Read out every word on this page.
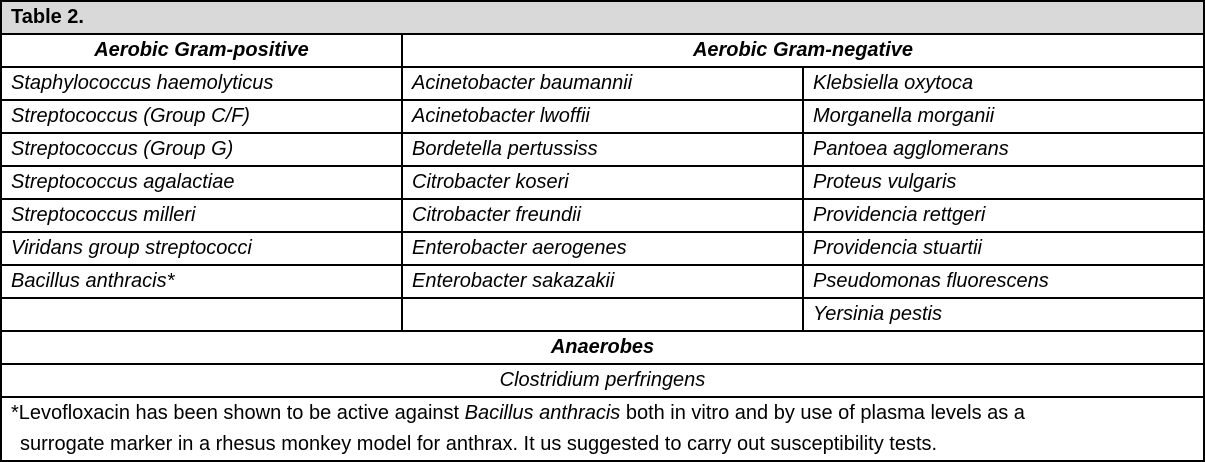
Table 2.		
Aerobic Gram-positive	Aerobic Gram-negative	
Staphylococcus haemolyticus	Acinetobacter baumannii	Klebsiella oxytoca
Streptococcus (Group C/F)	Acinetobacter lwoffii	Morganella morganii
Streptococcus (Group G)	Bordetella pertussiss	Pantoea agglomerans
Streptococcus agalactiae	Citrobacter koseri	Proteus vulgaris
Streptococcus milleri	Citrobacter freundii	Providencia rettgeri
Viridans group streptococci	Enterobacter aerogenes	Providencia stuartii
Bacillus anthracis*	Enterobacter sakazakii	Pseudomonas fluorescens
		Yersinia pestis
Anaerobes		
Clostridium perfringens		
*Levofloxacin has been shown to be active against Bacillus anthracis both in vitro and by use of plasma levels as a
surrogate marker in a rhesus monkey model for anthrax. It us suggested to carry out susceptibility tests.		
